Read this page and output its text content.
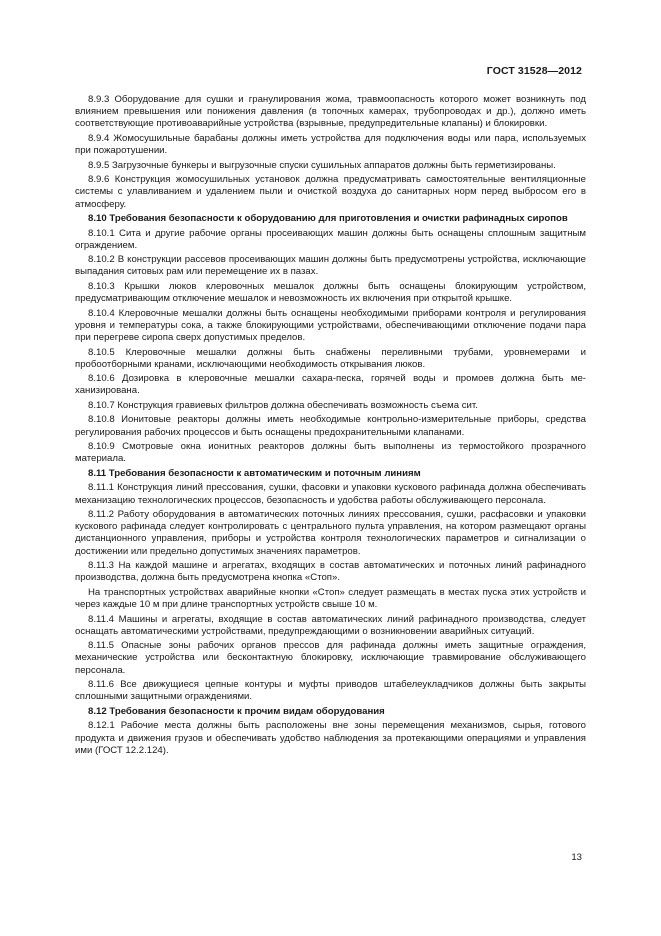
ГОСТ 31528—2012

8.9.3 Оборудование для сушки и гранулирования жома, травмоопасность которого может возникнуть под влиянием превышения или понижения давления (в топочных камерах, трубопроводах и др.), должно иметь соответствующие противоаварийные устройства (взрывные, предупредительные клапаны) и блокировки.

8.9.4 Жомосушильные барабаны должны иметь устройства для подключения воды или пара, используемых при пожаротушении.

8.9.5 Загрузочные бункеры и выгрузочные спуски сушильных аппаратов должны быть герметизированы.

8.9.6 Конструкция жомосушильных установок должна предусматривать самостоятельные вентиляционные системы с улавливанием и удалением пыли и очисткой воздуха до санитарных норм перед выбросом его в атмосферу.

8.10 Требования безопасности к оборудованию для приготовления и очистки рафинадных сиропов

8.10.1 Сита и другие рабочие органы просеивающих машин должны быть оснащены сплошным защитным ограждением.

8.10.2 В конструкции рассевов просеивающих машин должны быть предусмотрены устройства, исключающие выпадания ситовых рам или перемещение их в пазах.

8.10.3 Крышки люков клеровочных мешалок должны быть оснащены блокирующим устройством, предусматривающим отключение мешалок и невозможность их включения при открытой крышке.

8.10.4 Клеровочные мешалки должны быть оснащены необходимыми приборами контроля и регулирования уровня и температуры сока, а также блокирующими устройствами, обеспечивающими отключение подачи пара при перегреве сиропа сверх допустимых пределов.

8.10.5 Клеровочные мешалки должны быть снабжены переливными трубами, уровнемерами и пробоотборными кранами, исключающими необходимость открывания люков.

8.10.6 Дозировка в клеровочные мешалки сахара-песка, горячей воды и промоев должна быть механизирована.

8.10.7 Конструкция гравиевых фильтров должна обеспечивать возможность съема сит.

8.10.8 Ионитовые реакторы должны иметь необходимые контрольно-измерительные приборы, средства регулирования рабочих процессов и быть оснащены предохранительными клапанами.

8.10.9 Смотровые окна ионитных реакторов должны быть выполнены из термостойкого прозрачного материала.

8.11 Требования безопасности к автоматическим и поточным линиям

8.11.1 Конструкция линий прессования, сушки, фасовки и упаковки кускового рафинада должна обеспечивать механизацию технологических процессов, безопасность и удобства работы обслуживающего персонала.

8.11.2 Работу оборудования в автоматических поточных линиях прессования, сушки, расфасовки и упаковки кускового рафинада следует контролировать с центрального пульта управления, на котором размещают органы дистанционного управления, приборы и устройства контроля технологических параметров и сигнализации о достижении или предельно допустимых значениях параметров.

8.11.3 На каждой машине и агрегатах, входящих в состав автоматических и поточных линий рафинадного производства, должна быть предусмотрена кнопка «Стоп».

На транспортных устройствах аварийные кнопки «Стоп» следует размещать в местах пуска этих устройств и через каждые 10 м при длине транспортных устройств свыше 10 м.

8.11.4 Машины и агрегаты, входящие в состав автоматических линий рафинадного производства, следует оснащать автоматическими устройствами, предупреждающими о возникновении аварийных ситуаций.

8.11.5 Опасные зоны рабочих органов прессов для рафинада должны иметь защитные ограждения, механические устройства или бесконтактную блокировку, исключающие травмирование обслуживающего персонала.

8.11.6 Все движущиеся цепные контуры и муфты приводов штабелеукладчиков должны быть закрыты сплошными защитными ограждениями.

8.12 Требования безопасности к прочим видам оборудования

8.12.1 Рабочие места должны быть расположены вне зоны перемещения механизмов, сырья, готового продукта и движения грузов и обеспечивать удобство наблюдения за протекающими операциями и управления ими (ГОСТ 12.2.124).

13
